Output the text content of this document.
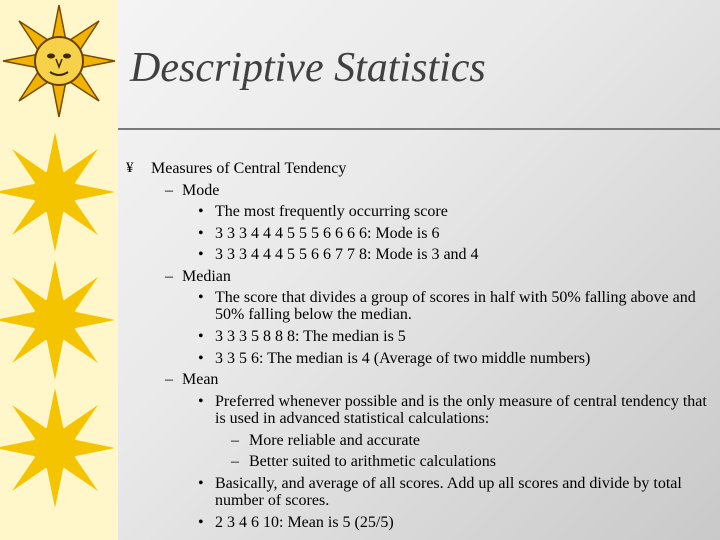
Descriptive Statistics
¥ Measures of Central Tendency
– Mode
• The most frequently occurring score
• 3 3 3 4 4 4 5 5 5 6 6 6 6: Mode is 6
• 3 3 3 4 4 4 5 5 6 6 7 7 8: Mode is 3 and 4
– Median
• The score that divides a group of scores in half with 50% falling above and 50% falling below the median.
• 3 3 3 5 8 8 8: The median is 5
• 3 3 5 6: The median is 4 (Average of two middle numbers)
– Mean
• Preferred whenever possible and is the only measure of central tendency that is used in advanced statistical calculations:
– More reliable and accurate
– Better suited to arithmetic calculations
• Basically, and average of all scores. Add up all scores and divide by total number of scores.
• 2 3 4 6 10: Mean is 5 (25/5)
